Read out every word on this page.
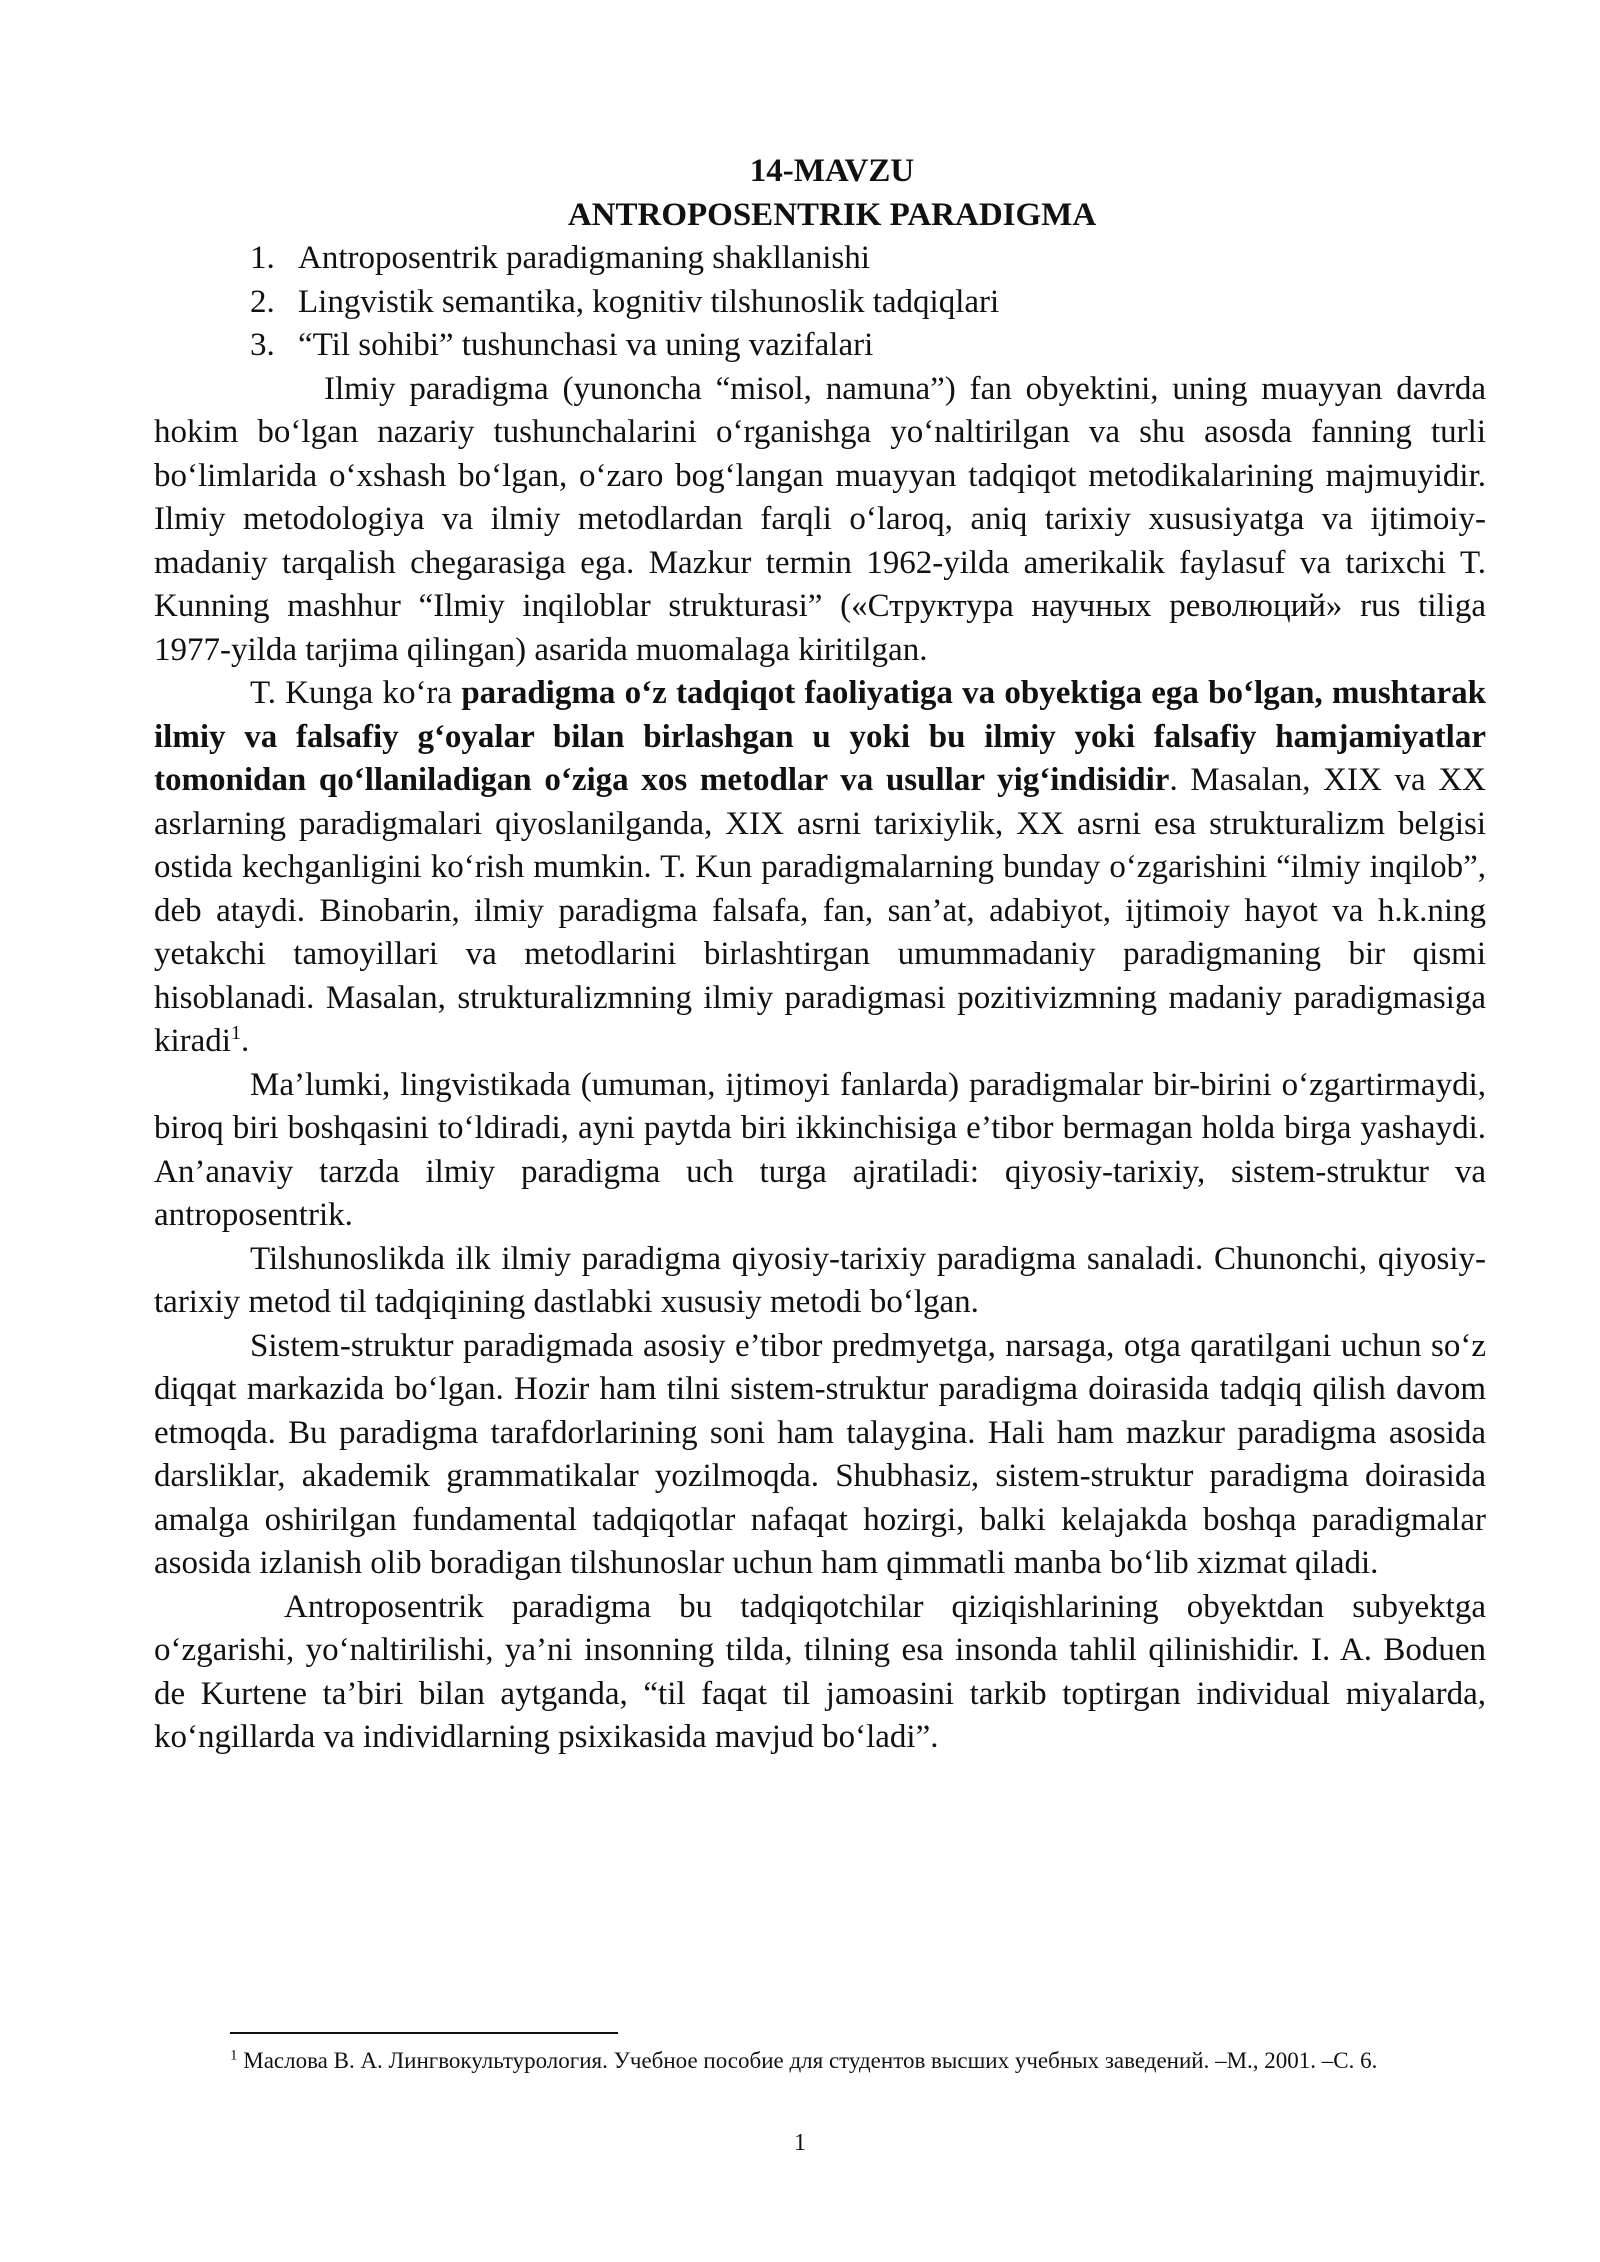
14-MAVZU
ANTROPOSENTRIK PARADIGMA
1. Antroposentrik paradigmaning shakllanishi
2. Lingvistik semantika, kognitiv tilshunoslik tadqiqlari
3. “Til sohibi” tushunchasi va uning vazifalari

Ilmiy paradigma (yunoncha “misol, namuna”) fan obyektini, uning muayyan davrda hokim bo‘lgan nazariy tushunchalarini o‘rganishga yo‘naltirilgan va shu asosda fanning turli bo‘limlarida o‘xshash bo‘lgan, o‘zaro bog‘langan muayyan tadqiqot metodikalarining majmuyidir. Ilmiy metodologiya va ilmiy metodlardan farqli o‘laroq, aniq tarixiy xususiyatga va ijtimoiy-madaniy tarqalish chegarasiga ega. Mazkur termin 1962-yilda amerikalik faylasuf va tarixchi T. Kunning mashhur “Ilmiy inqiloblar strukturasi” («Структура научных революций» rus tiliga 1977-yilda tarjima qilingan) asarida muomalaga kiritilgan.

T. Kunga ko‘ra paradigma o‘z tadqiqot faoliyatiga va obyektiga ega bo‘lgan, mushtarak ilmiy va falsafiy g‘oyalar bilan birlashgan u yoki bu ilmiy yoki falsafiy hamjamiyatlar tomonidan qo‘llaniladigan o‘ziga xos metodlar va usullar yig‘indisidir. Masalan, XIX va XX asrlarning paradigmalari qiyoslanilganda, XIX asrni tarixiylik, XX asrni esa strukturalizm belgisi ostida kechganligini ko‘rish mumkin. T. Kun paradigmalarning bunday o‘zgarishini “ilmiy inqilob”, deb ataydi. Binobarin, ilmiy paradigma falsafa, fan, san’at, adabiyot, ijtimoiy hayot va h.k.ning yetakchi tamoyillari va metodlarini birlashtirgan umummadaniy paradigmaning bir qismi hisoblanadi. Masalan, strukturalizmning ilmiy paradigmasi pozitivizmning madaniy paradigmasiga kiradi$^1$.

Ma’lumki, lingvistikada (umuman, ijtimoyi fanlarda) paradigmalar bir-birini o‘zgartirmaydi, biroq biri boshqasini to‘ldiradi, ayni paytda biri ikkinchisiga e’tibor bermagan holda birga yashaydi. An’anaviy tarzda ilmiy paradigma uch turga ajratiladi: qiyosiy-tarixiy, sistem-struktur va antroposentrik.

Tilshunoslikda ilk ilmiy paradigma qiyosiy-tarixiy paradigma sanaladi. Chunonchi, qiyosiy-tarixiy metod til tadqiqining dastlabki xususiy metodi bo‘lgan.

Sistem-struktur paradigmada asosiy e’tibor predmyetga, narsaga, otga qaratilgani uchun so‘z diqqat markazida bo‘lgan. Hozir ham tilni sistem-struktur paradigma doirasida tadqiq qilish davom etmoqda. Bu paradigma tarafdorlarining soni ham talaygina. Hali ham mazkur paradigma asosida darsliklar, akademik grammatikalar yozilmoqda. Shubhasiz, sistem-struktur paradigma doirasida amalga oshirilgan fundamental tadqiqotlar nafaqat hozirgi, balki kelajakda boshqa paradigmalar asosida izlanish olib boradigan tilshunoslar uchun ham qimmatli manba bo‘lib xizmat qiladi.

Antroposentrik paradigma bu tadqiqotchilar qiziqishlarining obyektdan subyektga o‘zgarishi, yo‘naltirilishi, ya’ni insonning tilda, tilning esa insonda tahlil qilinishidir. I. A. Boduen de Kurtene ta’biri bilan aytganda, “til faqat til jamoasini tarkib toptirgan individual miyalarda, ko‘ngillarda va individlarning psixikasida mavjud bo‘ladi”.

$^1$ Маслова В. А. Лингвокультурология. Учебное пособие для студентов высших учебных заведений. –М., 2001. –С. 6.
1
